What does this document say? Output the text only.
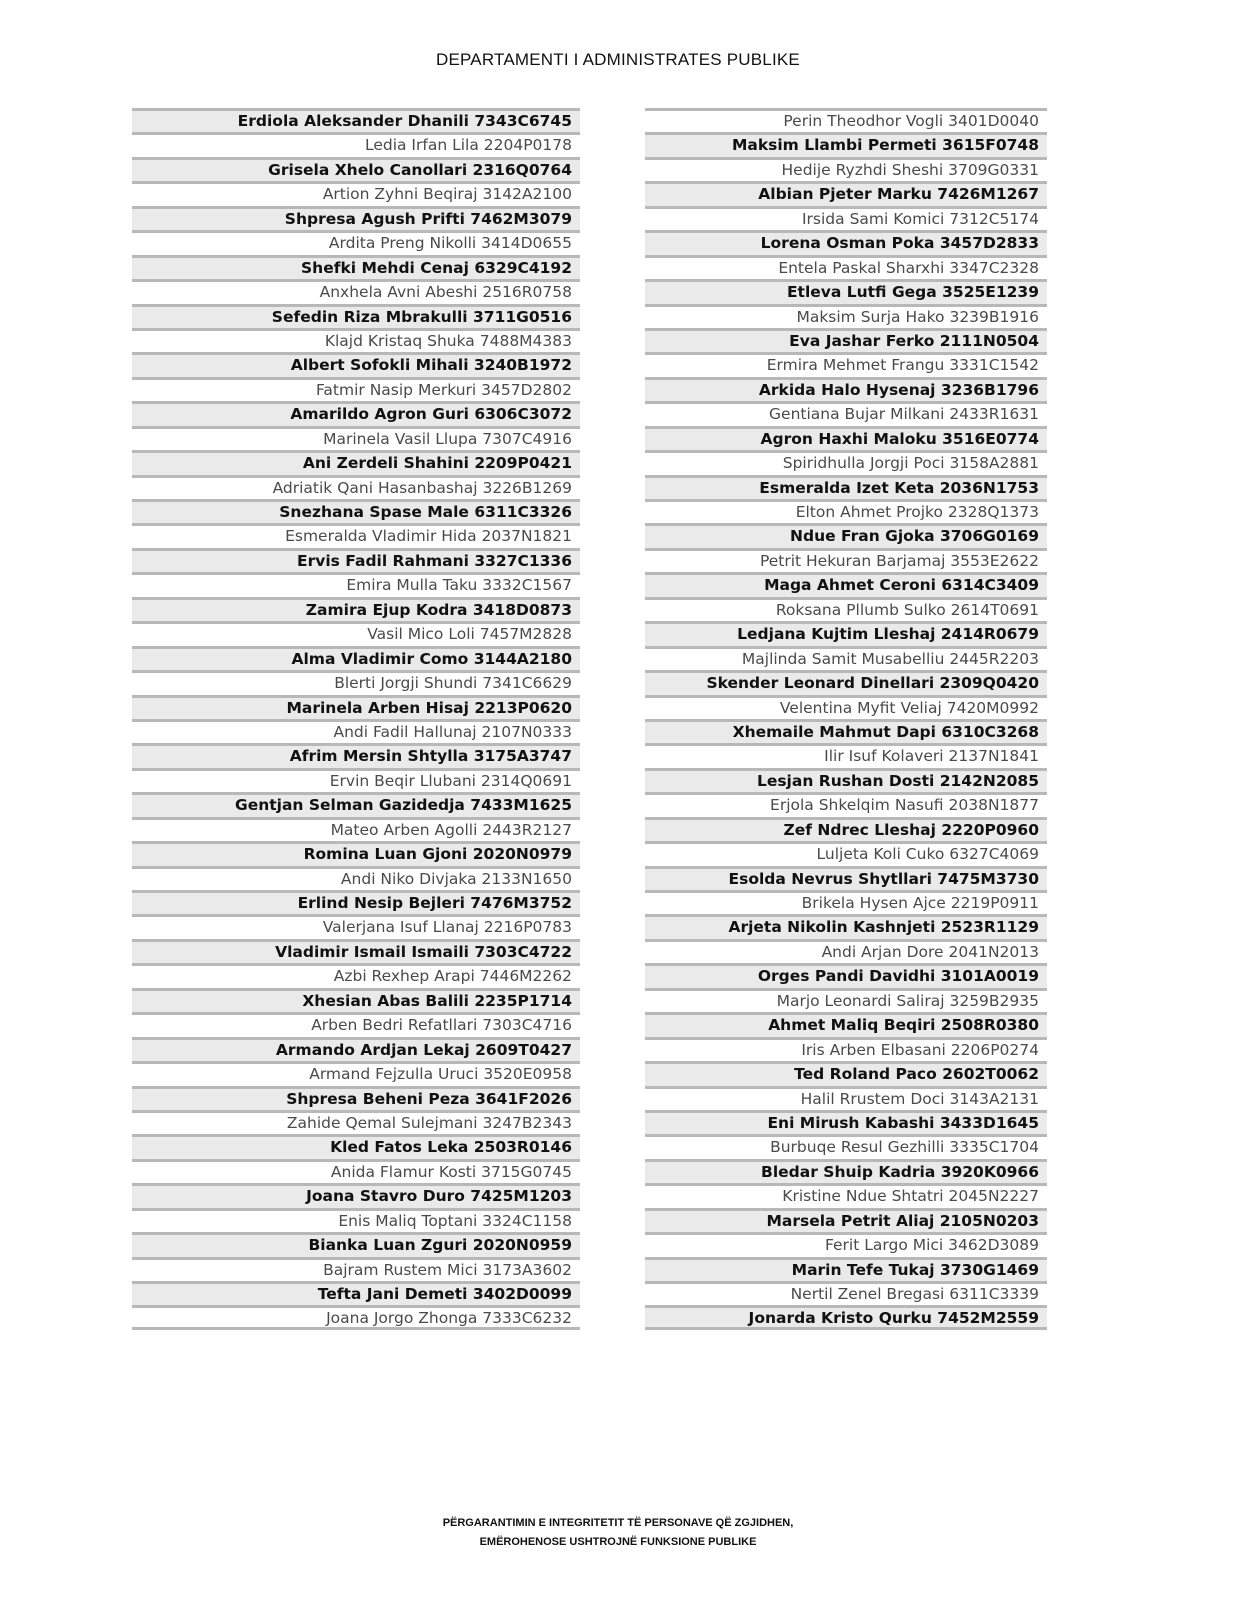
DEPARTAMENTI I ADMINISTRATES PUBLIKE
Erdiola Aleksander Dhanili 7343C6745
Ledia Irfan Lila 2204P0178
Grisela Xhelo Canollari 2316Q0764
Artion Zyhni Beqiraj 3142A2100
Shpresa Agush Prifti 7462M3079
Ardita Preng Nikolli 3414D0655
Shefki Mehdi Cenaj 6329C4192
Anxhela Avni Abeshi 2516R0758
Sefedin Riza Mbrakulli 3711G0516
Klajd Kristaq Shuka 7488M4383
Albert Sofokli Mihali 3240B1972
Fatmir Nasip Merkuri 3457D2802
Amarildo Agron Guri 6306C3072
Marinela Vasil Llupa 7307C4916
Ani Zerdeli Shahini 2209P0421
Adriatik Qani Hasanbashaj 3226B1269
Snezhana Spase Male 6311C3326
Esmeralda Vladimir Hida 2037N1821
Ervis Fadil Rahmani 3327C1336
Emira Mulla Taku 3332C1567
Zamira Ejup Kodra 3418D0873
Vasil Mico Loli 7457M2828
Alma Vladimir Como 3144A2180
Blerti Jorgji Shundi 7341C6629
Marinela Arben Hisaj 2213P0620
Andi Fadil Hallunaj 2107N0333
Afrim Mersin Shtylla 3175A3747
Ervin Beqir Llubani 2314Q0691
Gentjan Selman Gazidedja 7433M1625
Mateo Arben Agolli 2443R2127
Romina Luan Gjoni 2020N0979
Andi Niko Divjaka 2133N1650
Erlind Nesip Bejleri 7476M3752
Valerjana Isuf Llanaj 2216P0783
Vladimir Ismail Ismaili 7303C4722
Azbi Rexhep Arapi 7446M2262
Xhesian Abas Balili 2235P1714
Arben Bedri Refatllari 7303C4716
Armando Ardjan Lekaj 2609T0427
Armand Fejzulla Uruci 3520E0958
Shpresa Beheni Peza 3641F2026
Zahide Qemal Sulejmani 3247B2343
Kled Fatos Leka 2503R0146
Anida Flamur Kosti 3715G0745
Joana Stavro Duro 7425M1203
Enis Maliq Toptani 3324C1158
Bianka Luan Zguri 2020N0959
Bajram Rustem Mici 3173A3602
Tefta Jani Demeti 3402D0099
Joana Jorgo Zhonga 7333C6232
Perin Theodhor Vogli 3401D0040
Maksim Llambi Permeti 3615F0748
Hedije Ryzhdi Sheshi 3709G0331
Albian Pjeter Marku 7426M1267
Irsida Sami Komici 7312C5174
Lorena Osman Poka 3457D2833
Entela Paskal Sharxhi 3347C2328
Etleva Lutfi Gega 3525E1239
Maksim Surja Hako 3239B1916
Eva Jashar Ferko 2111N0504
Ermira Mehmet Frangu 3331C1542
Arkida Halo Hysenaj 3236B1796
Gentiana Bujar Milkani 2433R1631
Agron Haxhi Maloku 3516E0774
Spiridhulla Jorgji Poci 3158A2881
Esmeralda Izet Keta 2036N1753
Elton Ahmet Projko 2328Q1373
Ndue Fran Gjoka 3706G0169
Petrit Hekuran Barjamaj 3553E2622
Maga Ahmet Ceroni 6314C3409
Roksana Pllumb Sulko 2614T0691
Ledjana Kujtim Lleshaj 2414R0679
Majlinda Samit Musabelliu 2445R2203
Skender Leonard Dinellari 2309Q0420
Velentina Myfit Veliaj 7420M0992
Xhemaile Mahmut Dapi 6310C3268
Ilir Isuf Kolaveri 2137N1841
Lesjan Rushan Dosti 2142N2085
Erjola Shkelqim Nasufi 2038N1877
Zef Ndrec Lleshaj 2220P0960
Luljeta Koli Cuko 6327C4069
Esolda Nevrus Shytllari 7475M3730
Brikela Hysen Ajce 2219P0911
Arjeta Nikolin Kashnjeti 2523R1129
Andi Arjan Dore 2041N2013
Orges Pandi Davidhi 3101A0019
Marjo Leonardi Saliraj 3259B2935
Ahmet Maliq Beqiri 2508R0380
Iris Arben Elbasani 2206P0274
Ted Roland Paco 2602T0062
Halil Rrustem Doci 3143A2131
Eni Mirush Kabashi 3433D1645
Burbuqe Resul Gezhilli 3335C1704
Bledar Shuip Kadria 3920K0966
Kristine Ndue Shtatri 2045N2227
Marsela Petrit Aliaj 2105N0203
Ferit Largo Mici 3462D3089
Marin Tefe Tukaj 3730G1469
Nertil Zenel Bregasi 6311C3339
Jonarda Kristo Qurku 7452M2559
PËRGARANTIMIN E INTEGRITETIT TË PERSONAVE QË ZGJIDHEN,
EMËROHENOSE USHTROJNË FUNKSIONE PUBLIKE
